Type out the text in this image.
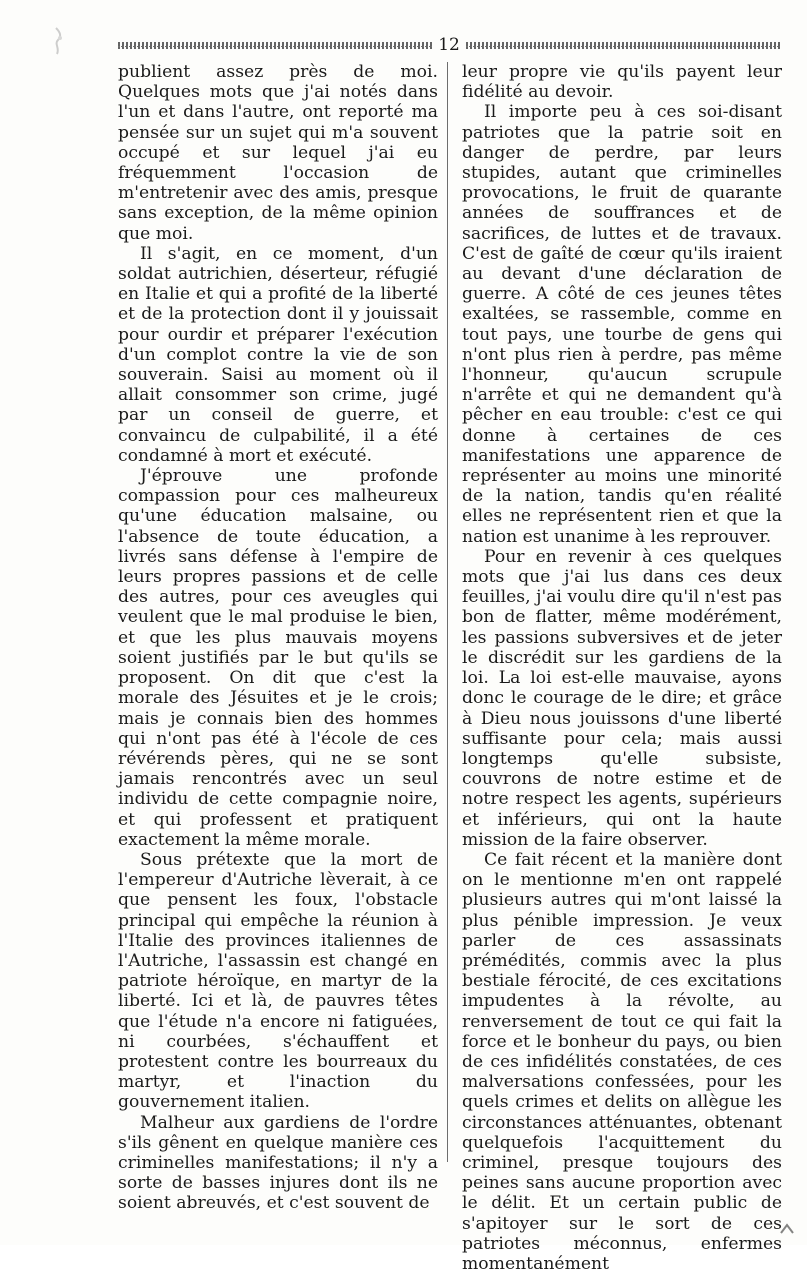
12

publient assez près de moi. Quelques mots que j'ai notés dans l'un et dans l'autre, ont reporté ma pensée sur un sujet qui m'a souvent occupé et sur lequel j'ai eu fréquemment l'occasion de m'entretenir avec des amis, presque sans exception, de la même opinion que moi.

Il s'agit, en ce moment, d'un soldat autrichien, déserteur, réfugié en Italie et qui a profité de la liberté et de la protection dont il y jouissait pour ourdir et préparer l'exécution d'un complot contre la vie de son souverain. Saisi au moment où il allait consommer son crime, jugé par un conseil de guerre, et convaincu de culpabilité, il a été condamné à mort et exécuté.

J'éprouve une profonde compassion pour ces malheureux qu'une éducation malsaine, ou l'absence de toute éducation, a livrés sans défense à l'empire de leurs propres passions et de celle des autres, pour ces aveugles qui veulent que le mal produise le bien, et que les plus mauvais moyens soient justifiés par le but qu'ils se proposent. On dit que c'est la morale des Jésuites et je le crois; mais je connais bien des hommes qui n'ont pas été à l'école de ces révérends pères, qui ne se sont jamais rencontrés avec un seul individu de cette compagnie noire, et qui professent et pratiquent exactement la même morale.

Sous prétexte que la mort de l'empereur d'Autriche lèverait, à ce que pensent les foux, l'obstacle principal qui empêche la réunion à l'Italie des provinces italiennes de l'Autriche, l'assassin est changé en patriote héroïque, en martyr de la liberté. Ici et là, de pauvres têtes que l'étude n'a encore ni fatiguées, ni courbées, s'échauffent et protestent contre les bourreaux du martyr, et l'inaction du gouvernement italien.

Malheur aux gardiens de l'ordre s'ils gênent en quelque manière ces criminelles manifestations; il n'y a sorte de basses injures dont ils ne soient abreuvés, et c'est souvent de

leur propre vie qu'ils payent leur fidélité au devoir.

Il importe peu à ces soi-disant patriotes que la patrie soit en danger de perdre, par leurs stupides, autant que criminelles provocations, le fruit de quarante années de souffrances et de sacrifices, de luttes et de travaux. C'est de gaîté de cœur qu'ils iraient au devant d'une déclaration de guerre. A côté de ces jeunes têtes exaltées, se rassemble, comme en tout pays, une tourbe de gens qui n'ont plus rien à perdre, pas même l'honneur, qu'aucun scrupule n'arrête et qui ne demandent qu'à pêcher en eau trouble: c'est ce qui donne à certaines de ces manifestations une apparence de représenter au moins une minorité de la nation, tandis qu'en réalité elles ne représentent rien et que la nation est unanime à les reprouver.

Pour en revenir à ces quelques mots que j'ai lus dans ces deux feuilles, j'ai voulu dire qu'il n'est pas bon de flatter, même modérément, les passions subversives et de jeter le discrédit sur les gardiens de la loi. La loi est-elle mauvaise, ayons donc le courage de le dire; et grâce à Dieu nous jouissons d'une liberté suffisante pour cela; mais aussi longtemps qu'elle subsiste, couvrons de notre estime et de notre respect les agents, supérieurs et inférieurs, qui ont la haute mission de la faire observer.

Ce fait récent et la manière dont on le mentionne m'en ont rappelé plusieurs autres qui m'ont laissé la plus pénible impression. Je veux parler de ces assassinats prémédités, commis avec la plus bestiale férocité, de ces excitations impudentes à la révolte, au renversement de tout ce qui fait la force et le bonheur du pays, ou bien de ces infidélités constatées, de ces malversations confessées, pour les quels crimes et delits on allègue les circonstances atténuantes, obtenant quelquefois l'acquittement du criminel, presque toujours des peines sans aucune proportion avec le délit. Et un certain public de s'apitoyer sur le sort de ces patriotes méconnus, enfermes momentanément
